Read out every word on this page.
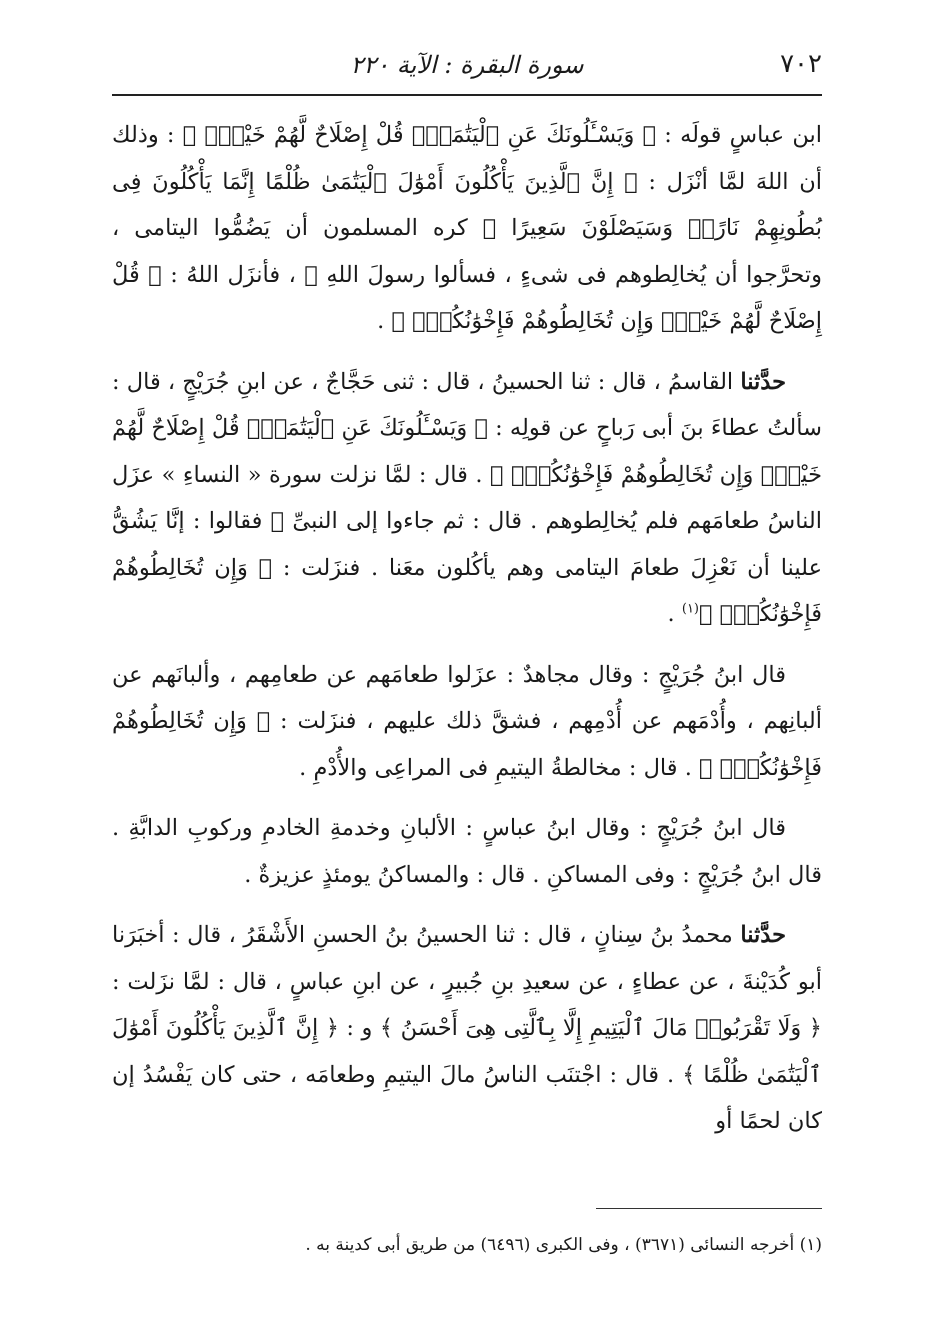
٧٠٢
سورة البقرة : الآية ٢٢٠

ابن عباسٍ قولَه : ﴿ وَيَسْـَٔلُونَكَ عَنِ ٱلْيَتَٰمَىٰۖ قُلْ إِصْلَاحٌ لَّهُمْ خَيْرٌۖ ﴾ : وذلك أن اللهَ لمَّا أنْزَل : ﴿ إِنَّ ٱلَّذِينَ يَأْكُلُونَ أَمْوَٰلَ ٱلْيَتَٰمَىٰ ظُلْمًا إِنَّمَا يَأْكُلُونَ فِى بُطُونِهِمْ نَارًاۖ وَسَيَصْلَوْنَ سَعِيرًا ﴾ كره المسلمون أن يَضُمُّوا اليتامى ، وتحرَّجوا أن يُخالِطوهم فى شىءٍ ، فسألوا رسولَ اللهِ ﷺ ، فأنزَل اللهُ : ﴿ قُلْ إِصْلَاحٌ لَّهُمْ خَيْرٌۖ وَإِن تُخَالِطُوهُمْ فَإِخْوَٰنُكُمْۚ ﴾ .

حدَّثنا القاسمُ ، قال : ثنا الحسينُ ، قال : ثنى حَجَّاجٌ ، عن ابنِ جُرَيْجٍ ، قال : سألتُ عطاءَ بنَ أبى رَباحٍ عن قولِه : ﴿ وَيَسْـَٔلُونَكَ عَنِ ٱلْيَتَٰمَىٰۖ قُلْ إِصْلَاحٌ لَّهُمْ خَيْرٌۖ وَإِن تُخَالِطُوهُمْ فَإِخْوَٰنُكُمْۚ ﴾ . قال : لمَّا نزلت سورة « النساءِ » عزَل الناسُ طعامَهم فلم يُخالِطوهم . قال : ثم جاءوا إلى النبىِّ ﷺ فقالوا : إنَّا يَشُقُّ علينا أن نَعْزِلَ طعامَ اليتامى وهم يأكُلون معَنا . فنزَلت : ﴿ وَإِن تُخَالِطُوهُمْ فَإِخْوَٰنُكُمْۚ ﴾$^{(١)}$ .

قال ابنُ جُرَيْجٍ : وقال مجاهدٌ : عزَلوا طعامَهم عن طعامِهم ، وألبانَهم عن ألبانِهم ، وأُدْمَهم عن أُدْمِهم ، فشقَّ ذلك عليهم ، فنزَلت : ﴿ وَإِن تُخَالِطُوهُمْ فَإِخْوَٰنُكُمْۚ ﴾ . قال : مخالطةُ اليتيمِ فى المراعِى والأُدْمِ .

قال ابنُ جُرَيْجٍ : وقال ابنُ عباسٍ : الألبانِ وخدمةِ الخادمِ وركوبِ الدابَّةِ . قال ابنُ جُرَيْجٍ : وفى المساكنِ . قال : والمساكنُ يومئذٍ عزيزةٌ .

حدَّثنا محمدُ بنُ سِنانٍ ، قال : ثنا الحسينُ بنُ الحسنِ الأَشْقَرُ ، قال : أخبَرَنا أبو كُدَيْنةَ ، عن عطاءٍ ، عن سعيدِ بنِ جُبيرٍ ، عن ابنِ عباسٍ ، قال : لمَّا نزَلت : ﴿ وَلَا تَقْرَبُوا۟ مَالَ ٱلْيَتِيمِ إِلَّا بِٱلَّتِى هِىَ أَحْسَنُ ﴾ و : ﴿ إِنَّ ٱلَّذِينَ يَأْكُلُونَ أَمْوَٰلَ ٱلْيَتَٰمَىٰ ظُلْمًا ﴾ . قال : اجْتنَب الناسُ مالَ اليتيمِ وطعامَه ، حتى كان يَفْسُدُ إن كان لحمًا أو

(١) أخرجه النسائى (٣٦٧١) ، وفى الكبرى (٦٤٩٦) من طريق أبى كدينة به .
